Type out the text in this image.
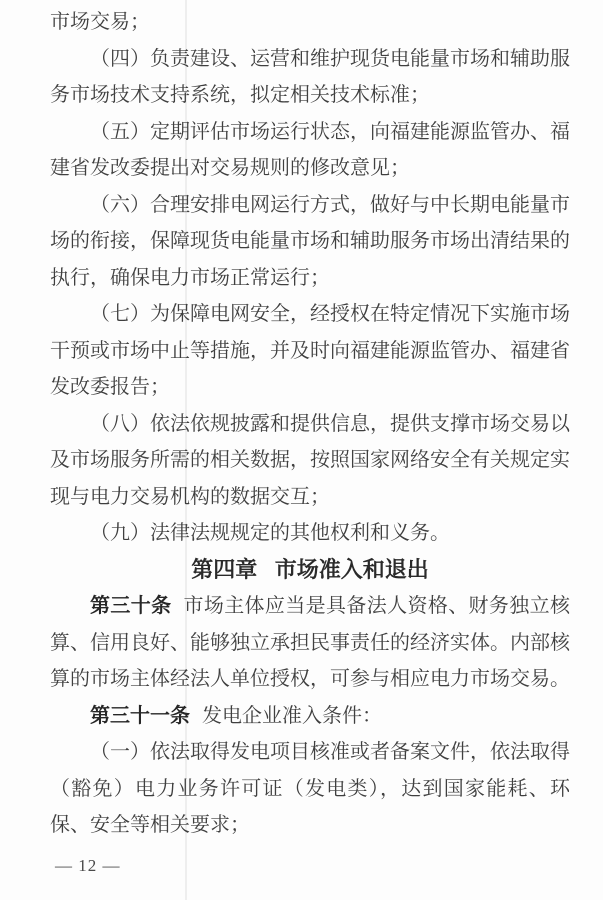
市场交易；

（四）负责建设、运营和维护现货电能量市场和辅助服务市场技术支持系统，拟定相关技术标准；

（五）定期评估市场运行状态，向福建能源监管办、福建省发改委提出对交易规则的修改意见；

（六）合理安排电网运行方式，做好与中长期电能量市场的衔接，保障现货电能量市场和辅助服务市场出清结果的执行，确保电力市场正常运行；

（七）为保障电网安全，经授权在特定情况下实施市场干预或市场中止等措施，并及时向福建能源监管办、福建省发改委报告；

（八）依法依规披露和提供信息，提供支撑市场交易以及市场服务所需的相关数据，按照国家网络安全有关规定实现与电力交易机构的数据交互；

（九）法律法规规定的其他权利和义务。

第四章 市场准入和退出

第三十条 市场主体应当是具备法人资格、财务独立核算、信用良好、能够独立承担民事责任的经济实体。内部核算的市场主体经法人单位授权，可参与相应电力市场交易。

第三十一条 发电企业准入条件：

（一）依法取得发电项目核准或者备案文件，依法取得（豁免）电力业务许可证（发电类），达到国家能耗、环保、安全等相关要求；

— 12 —
